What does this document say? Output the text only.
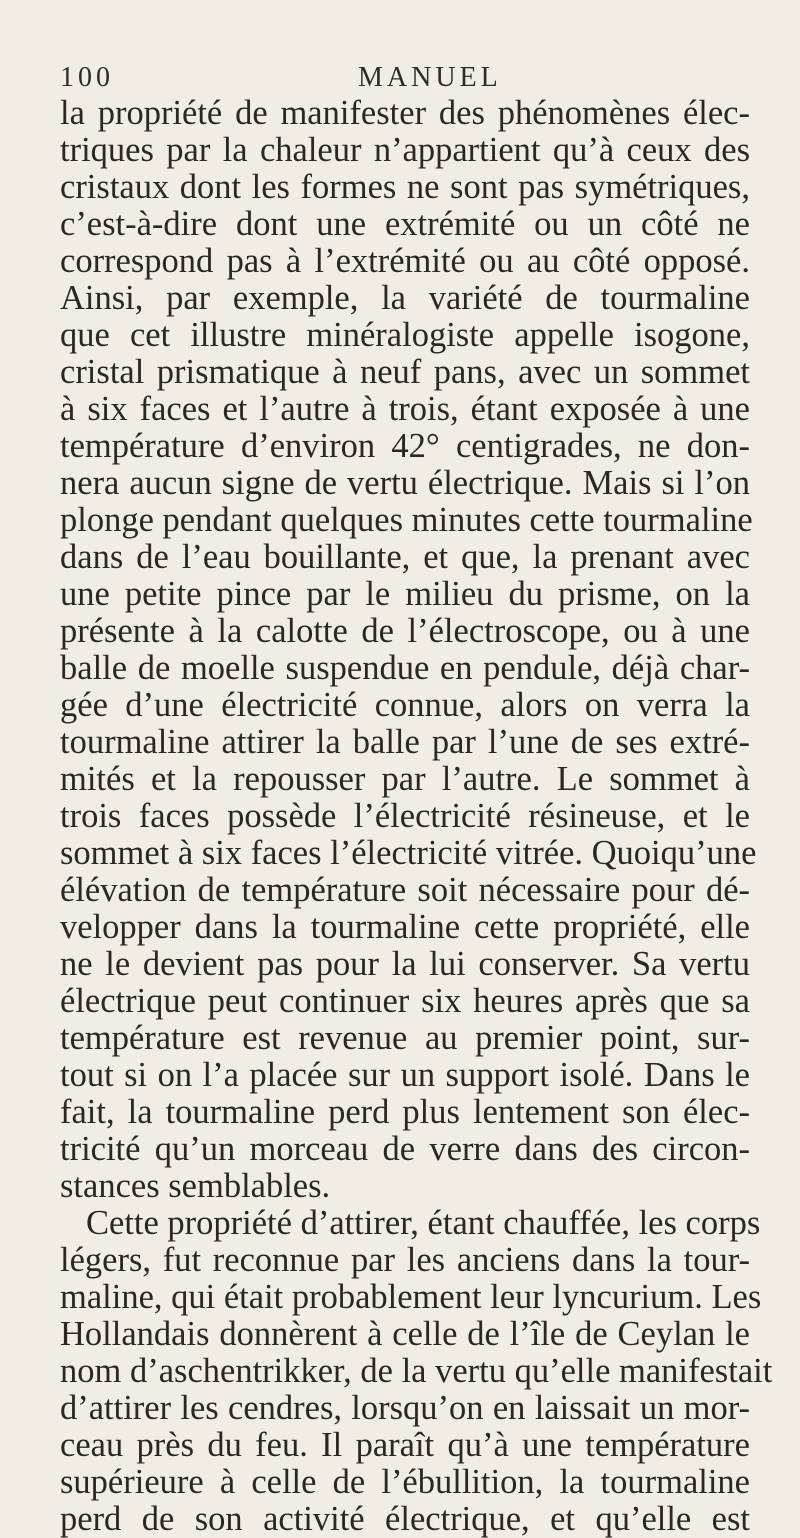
100	MANUEL
la propriété de manifester des phénomènes élec-
triques par la chaleur n’appartient qu’à ceux des
cristaux dont les formes ne sont pas symétriques,
c’est-à-dire dont une extrémité ou un côté ne
correspond pas à l’extrémité ou au côté opposé.
Ainsi, par exemple, la variété de tourmaline
que cet illustre minéralogiste appelle isogone,
cristal prismatique à neuf pans, avec un sommet
à six faces et l’autre à trois, étant exposée à une
température d’environ 42° centigrades, ne don-
nera aucun signe de vertu électrique. Mais si l’on
plonge pendant quelques minutes cette tourmaline
dans de l’eau bouillante, et que, la prenant avec
une petite pince par le milieu du prisme, on la
présente à la calotte de l’électroscope, ou à une
balle de moelle suspendue en pendule, déjà char-
gée d’une électricité connue, alors on verra la
tourmaline attirer la balle par l’une de ses extré-
mités et la repousser par l’autre. Le sommet à
trois faces possède l’électricité résineuse, et le
sommet à six faces l’électricité vitrée. Quoiqu’une
élévation de température soit nécessaire pour dé-
velopper dans la tourmaline cette propriété, elle
ne le devient pas pour la lui conserver. Sa vertu
électrique peut continuer six heures après que sa
température est revenue au premier point, sur-
tout si on l’a placée sur un support isolé. Dans le
fait, la tourmaline perd plus lentement son élec-
tricité qu’un morceau de verre dans des circon-
stances semblables.
Cette propriété d’attirer, étant chauffée, les corps
légers, fut reconnue par les anciens dans la tour-
maline, qui était probablement leur lyncurium. Les
Hollandais donnèrent à celle de l’île de Ceylan le
nom d’aschentrikker, de la vertu qu’elle manifestait
d’attirer les cendres, lorsqu’on en laissait un mor-
ceau près du feu. Il paraît qu’à une température
supérieure à celle de l’ébullition, la tourmaline
perd de son activité électrique, et qu’elle est
